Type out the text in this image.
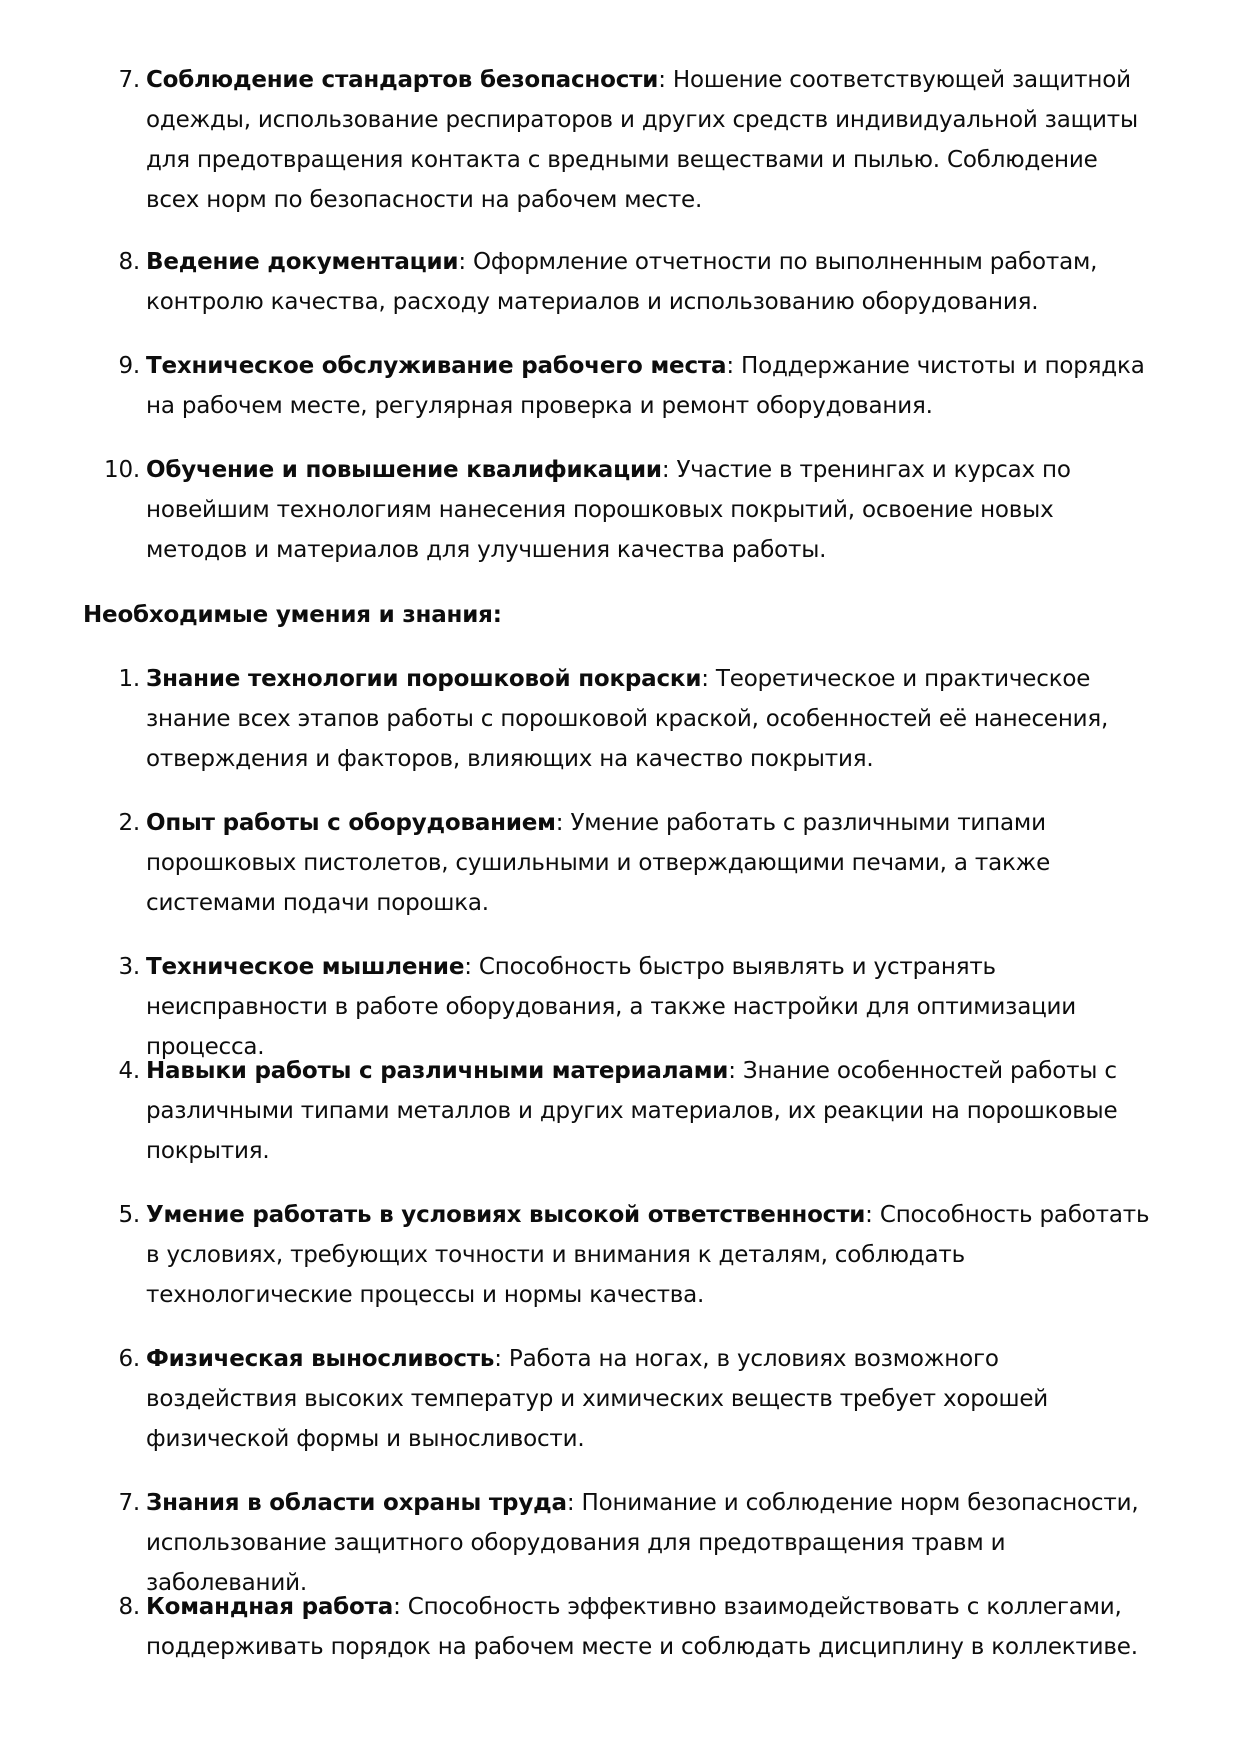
7. Соблюдение стандартов безопасности: Ношение соответствующей защитной одежды, использование респираторов и других средств индивидуальной защиты для предотвращения контакта с вредными веществами и пылью. Соблюдение всех норм по безопасности на рабочем месте.
8. Ведение документации: Оформление отчетности по выполненным работам, контролю качества, расходу материалов и использованию оборудования.
9. Техническое обслуживание рабочего места: Поддержание чистоты и порядка на рабочем месте, регулярная проверка и ремонт оборудования.
10. Обучение и повышение квалификации: Участие в тренингах и курсах по новейшим технологиям нанесения порошковых покрытий, освоение новых методов и материалов для улучшения качества работы.
Необходимые умения и знания:
1. Знание технологии порошковой покраски: Теоретическое и практическое знание всех этапов работы с порошковой краской, особенностей её нанесения, отверждения и факторов, влияющих на качество покрытия.
2. Опыт работы с оборудованием: Умение работать с различными типами порошковых пистолетов, сушильными и отверждающими печами, а также системами подачи порошка.
3. Техническое мышление: Способность быстро выявлять и устранять неисправности в работе оборудования, а также настройки для оптимизации процесса.
4. Навыки работы с различными материалами: Знание особенностей работы с различными типами металлов и других материалов, их реакции на порошковые покрытия.
5. Умение работать в условиях высокой ответственности: Способность работать в условиях, требующих точности и внимания к деталям, соблюдать технологические процессы и нормы качества.
6. Физическая выносливость: Работа на ногах, в условиях возможного воздействия высоких температур и химических веществ требует хорошей физической формы и выносливости.
7. Знания в области охраны труда: Понимание и соблюдение норм безопасности, использование защитного оборудования для предотвращения травм и заболеваний.
8. Командная работа: Способность эффективно взаимодействовать с коллегами, поддерживать порядок на рабочем месте и соблюдать дисциплину в коллективе.
